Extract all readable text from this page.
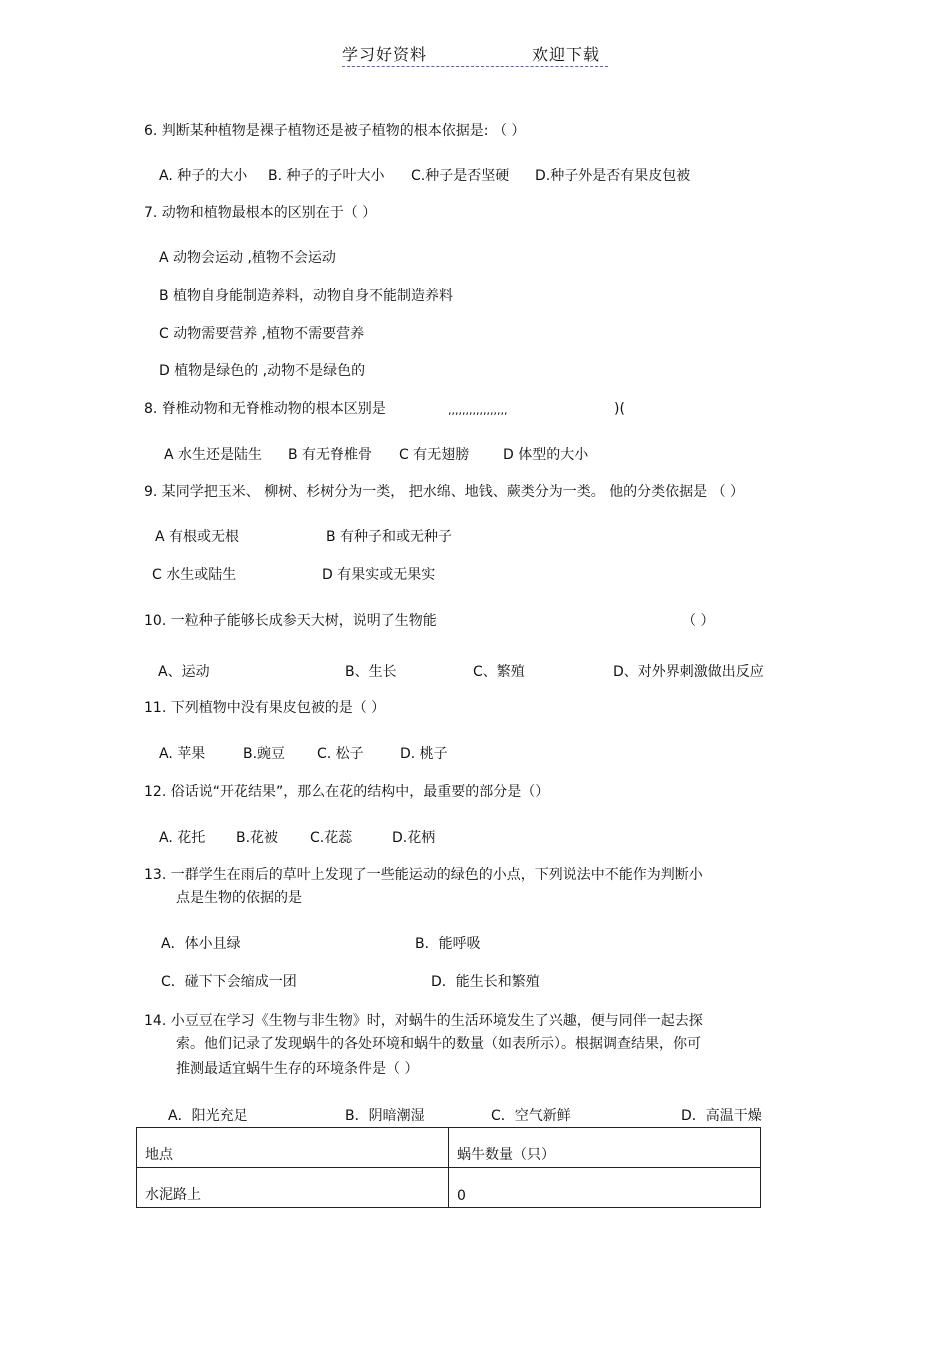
学习好资料	欢迎下载
6. 判断某种植物是裸子植物还是被子植物的根本依据是: （ ）
A. 种子的大小 B. 种子的子叶大小 C.种子是否坚硬 D.种子外是否有果皮包被
7. 动物和植物最根本的区别在于（ ）
A 动物会运动 ,植物不会运动
B 植物自身能制造养料，动物自身不能制造养料
C 动物需要营养 ,植物不需要营养
D 植物是绿色的 ,动物不是绿色的
8. 脊椎动物和无脊椎动物的根本区别是	,,,,,,,,,,,,,,,,,	)(
A 水生还是陆生 B 有无脊椎骨 C 有无翅膀 D 体型的大小
9. 某同学把玉米、 柳树、杉树分为一类， 把水绵、地钱、蕨类分为一类。 他的分类依据是 （ ）
A 有根或无根	B 有种子和或无种子
C 水生或陆生	D 有果实或无果实
10. 一粒种子能够长成参天大树，说明了生物能	（ ）
A、运动	B、生长	C、繁殖	D、对外界刺激做出反应
11. 下列植物中没有果皮包被的是（ ）
A. 苹果	B.豌豆 C. 松子	D. 桃子
12. 俗话说“开花结果”，那么在花的结构中，最重要的部分是（）
A. 花托 B.花被 C.花蕊	D.花柄
13. 一群学生在雨后的草叶上发现了一些能运动的绿色的小点，下列说法中不能作为判断小
点是生物的依据的是
A．体小且绿	B．能呼吸
C．碰下下会缩成一团	D．能生长和繁殖
14. 小豆豆在学习《生物与非生物》时，对蜗牛的生活环境发生了兴趣，便与同伴一起去探
索。他们记录了发现蜗牛的各处环境和蜗牛的数量（如表所示）。根据调查结果，你可
推测最适宜蜗牛生存的环境条件是（ ）
A．阳光充足	B．阴暗潮湿	C．空气新鲜	D．高温干燥
地点	蜗牛数量（只）
水泥路上	0
